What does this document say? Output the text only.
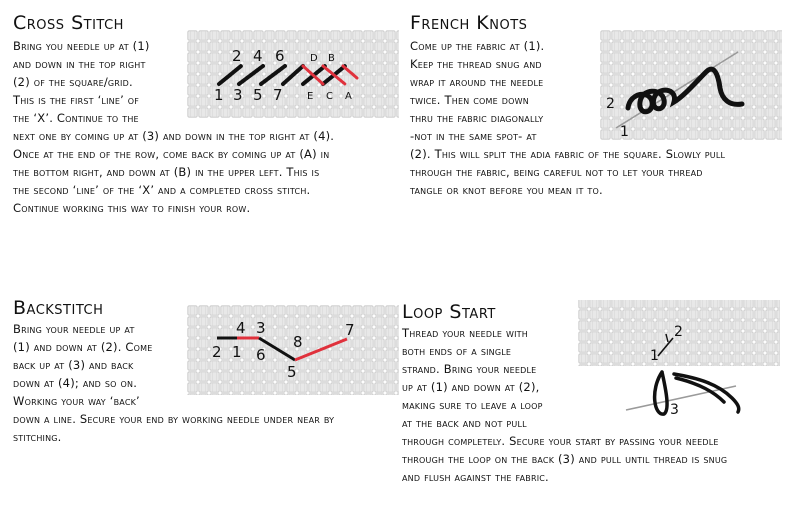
Cross Stitch
Bring you needle up at (1)
and down in the top right
(2) of the square/grid.
This is the first ‘line’ of
the ‘X’. Continue to the
next one by coming up at (3) and down in the top right at (4).
Once at the end of the row, come back by coming up at (A) in
the bottom right, and down at (B) in the upper left. This is
the second ‘line’ of the ‘X’ and a completed cross stitch.
Continue working this way to finish your row.
2 4 6
1 3 5 7
D B
E C A
French Knots
Come up the fabric at (1).
Keep the thread snug and
wrap it around the needle
twice. Then come down
thru the fabric diagonally
-not in the same spot- at
(2). This will split the adia fabric of the square. Slowly pull
through the fabric, being careful not to let your thread
tangle or knot before you mean it to.
2
1
Backstitch
Bring your needle up at
(1) and down at (2). Come
back up at (3) and back
down at (4); and so on.
Working your way ‘back’
down a line. Secure your end by working needle under near by
stitching.
4 3
2 1 6
8
7
5
Loop Start
Thread your needle with
both ends of a single
strand. Bring your needle
up at (1) and down at (2),
making sure to leave a loop
at the back and not pull
through completely. Secure your start by passing your needle
through the loop on the back (3) and pull until thread is snug
and flush against the fabric.
2
1
3
